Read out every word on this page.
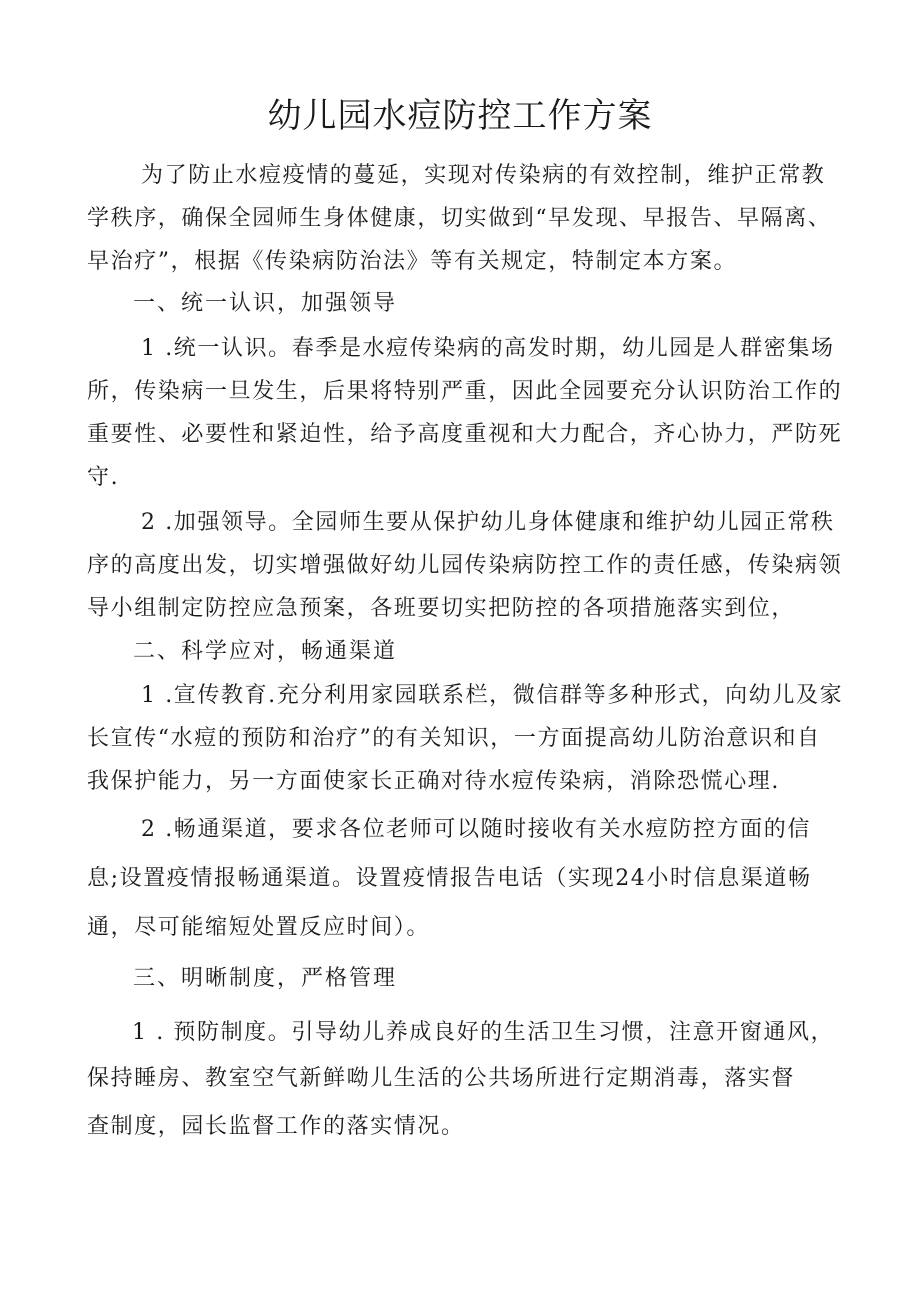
幼儿园水痘防控工作方案
为了防止水痘疫情的蔓延，实现对传染病的有效控制，维护正常教
学秩序，确保全园师生身体健康，切实做到“早发现、早报告、早隔离、
早治疗”，根据《传染病防治法》等有关规定，特制定本方案。
一、统一认识，加强领导
1 .统一认识。春季是水痘传染病的高发时期，幼儿园是人群密集场
所，传染病一旦发生，后果将特别严重，因此全园要充分认识防治工作的
重要性、必要性和紧迫性，给予高度重视和大力配合，齐心协力，严防死
守.
2 .加强领导。全园师生要从保护幼儿身体健康和维护幼儿园正常秩
序的高度出发，切实增强做好幼儿园传染病防控工作的责任感，传染病领
导小组制定防控应急预案，各班要切实把防控的各项措施落实到位，
二、科学应对，畅通渠道
1 .宣传教育.充分利用家园联系栏，微信群等多种形式，向幼儿及家
长宣传“水痘的预防和治疗”的有关知识，一方面提高幼儿防治意识和自
我保护能力，另一方面使家长正确对待水痘传染病，消除恐慌心理.
2 .畅通渠道，要求各位老师可以随时接收有关水痘防控方面的信
息;设置疫情报畅通渠道。设置疫情报告电话（实现24小时信息渠道畅
通，尽可能缩短处置反应时间）。
三、明晰制度，严格管理
1 . 预防制度。引导幼儿养成良好的生活卫生习惯，注意开窗通风，
保持睡房、教室空气新鲜呦儿生活的公共场所进行定期消毒，落实督
查制度，园长监督工作的落实情况。
